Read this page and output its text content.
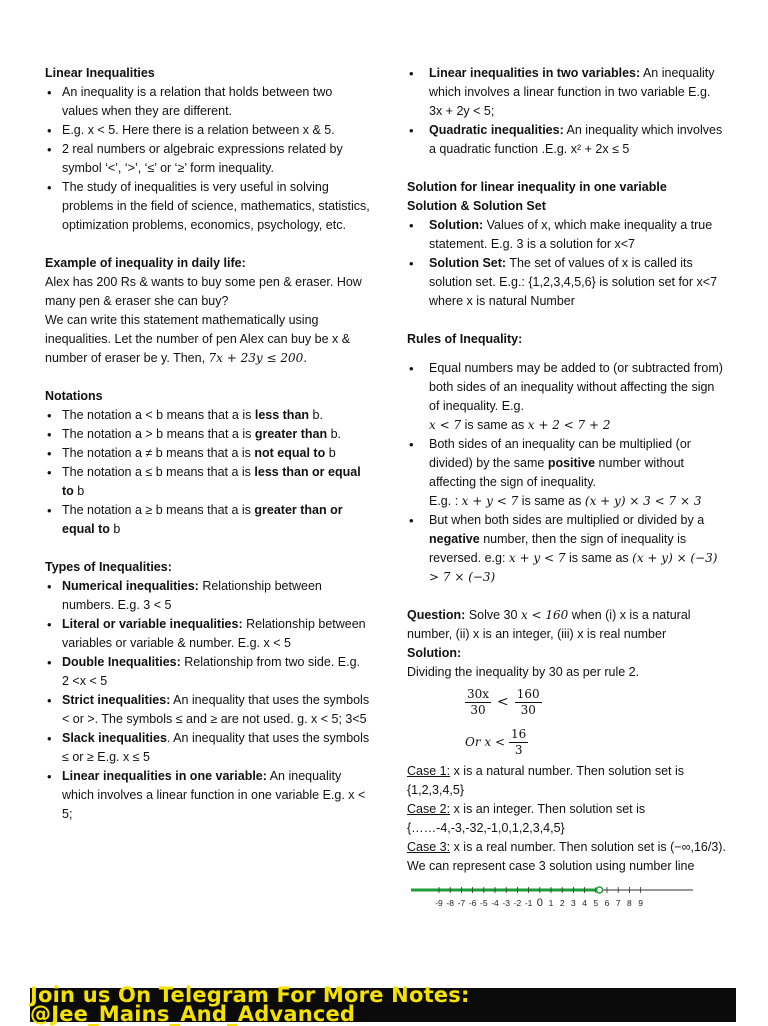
Linear Inequalities

• An inequality is a relation that holds between two values when they are different.
• E.g. x < 5. Here there is a relation between x & 5.
• 2 real numbers or algebraic expressions related by symbol ‘<’, ‘>’, ‘≤’ or ‘≥’ form inequality.
• The study of inequalities is very useful in solving problems in the field of science, mathematics, statistics, optimization problems, economics, psychology, etc.

Example of inequality in daily life:

Alex has 200 Rs & wants to buy some pen & eraser. How many pen & eraser she can buy?

We can write this statement mathematically using inequalities. Let the number of pen Alex can buy be x & number of eraser be y. Then, 7x + 23y ≤ 200.

Notations

• The notation a < b means that a is less than b.
• The notation a > b means that a is greater than b.
• The notation a ≠ b means that a is not equal to b
• The notation a ≤ b means that a is less than or equal to b
• The notation a ≥ b means that a is greater than or equal to b

Types of Inequalities:

• Numerical inequalities: Relationship between numbers. E.g. 3 < 5
• Literal or variable inequalities: Relationship between variables or variable & number. E.g. x < 5
• Double Inequalities: Relationship from two side. E.g. 2 <x < 5
• Strict inequalities: An inequality that uses the symbols < or >. The symbols ≤ and ≥ are not used. g. x < 5; 3<5
• Slack inequalities. An inequality that uses the symbols ≤ or ≥ E.g. x ≤ 5
• Linear inequalities in one variable: An inequality which involves a linear function in one variable E.g. x < 5;
• Linear inequalities in two variables: An inequality which involves a linear function in two variable E.g. 3x + 2y < 5;
• Quadratic inequalities: An inequality which involves a quadratic function .E.g. x² + 2x ≤ 5

Solution for linear inequality in one variable

Solution & Solution Set

• Solution: Values of x, which make inequality a true statement. E.g. 3 is a solution for x<7
• Solution Set: The set of values of x is called its solution set. E.g.: {1,2,3,4,5,6} is solution set for x<7 where x is natural Number

Rules of Inequality:

• Equal numbers may be added to (or subtracted from) both sides of an inequality without affecting the sign of inequality. E.g.
x < 7 is same as x + 2 < 7 + 2
• Both sides of an inequality can be multiplied (or divided) by the same positive number without affecting the sign of inequality.
E.g. : x + y < 7 is same as (x + y) × 3 < 7 × 3
• But when both sides are multiplied or divided by a negative number, then the sign of inequality is reversed. e.g: x + y < 7 is same as (x + y) × (−3) > 7 × (−3)

Question: Solve 30 x < 160 when (i) x is a natural number, (ii) x is an integer, (iii) x is real number

Solution:

Dividing the inequality by 30 as per rule 2.

$\frac{30x}{30} < \frac{160}{30}$
Or $x < \frac{16}{3}$

Case 1: x is a natural number. Then solution set is {1,2,3,4,5}

Case 2: x is an integer. Then solution set is {……-4,-3,-32,-1,0,1,2,3,4,5}

Case 3: x is a real number. Then solution set is (−∞,16/3).

We can represent case 3 solution using number line

-9 -8 -7 -6 -5 -4 -3 -2 -1 0 1 2 3 4 5 6 7 8 9
Join us On Telegram For More Notes: @Jee_Mains_And_Advanced
